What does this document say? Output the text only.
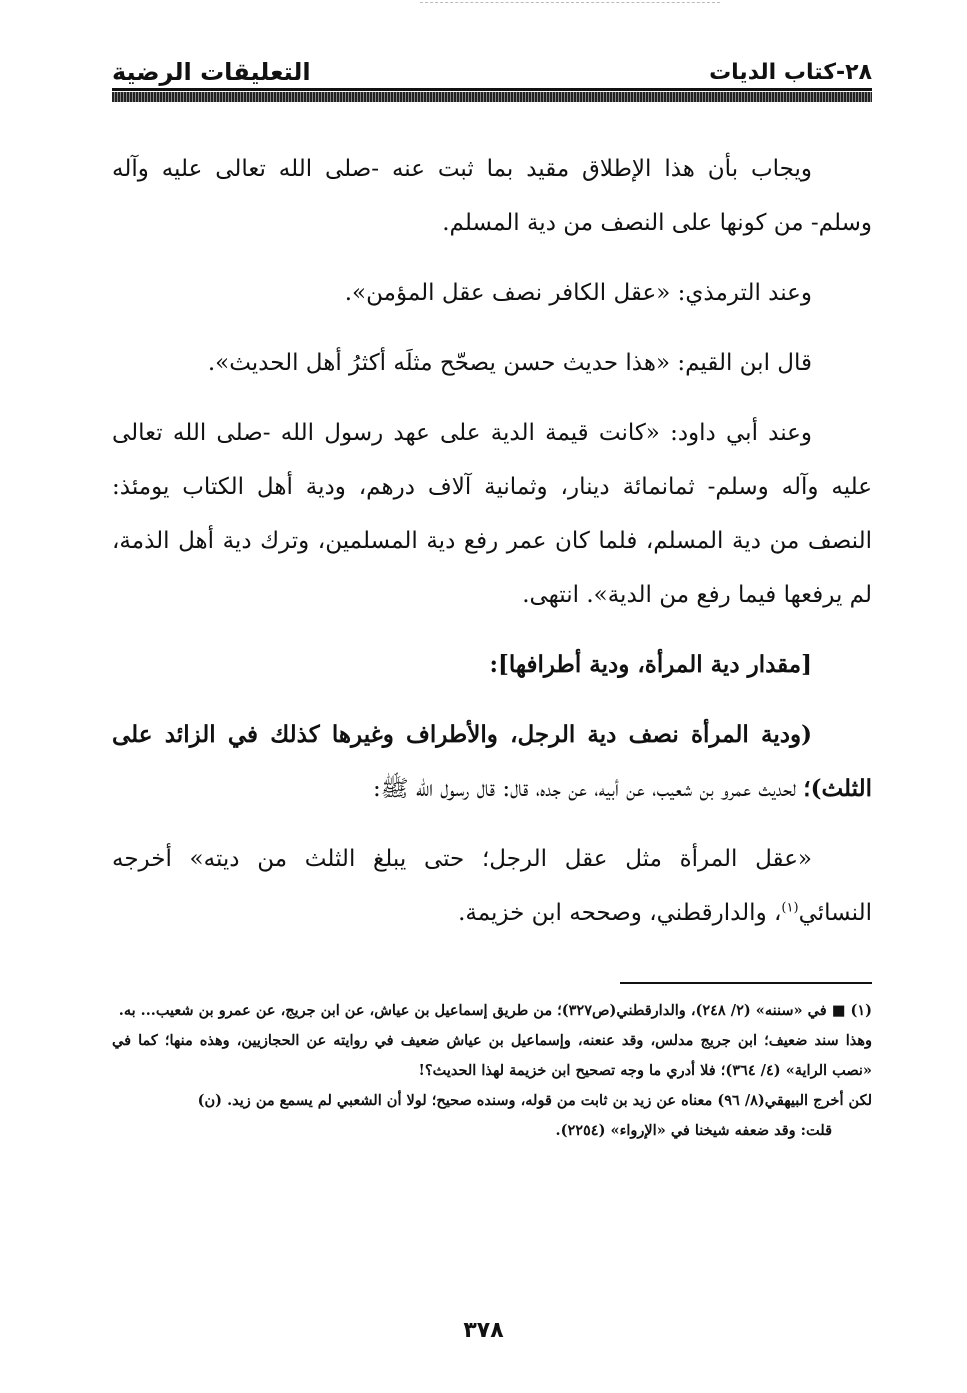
٢٨-كتاب الديات
التعليقات الرضية

ويجاب بأن هذا الإطلاق مقيد بما ثبت عنه -صلى الله تعالى عليه وآله وسلم- من كونها على النصف من دية المسلم.

وعند الترمذي: «عقل الكافر نصف عقل المؤمن».

قال ابن القيم: «هذا حديث حسن يصحّح مثلَه أكثرُ أهل الحديث».

وعند أبي داود: «كانت قيمة الدية على عهد رسول الله -صلى الله تعالى عليه وآله وسلم- ثمانمائة دينار، وثمانية آلاف درهم، ودية أهل الكتاب يومئذ: النصف من دية المسلم، فلما كان عمر رفع دية المسلمين، وترك دية أهل الذمة، لم يرفعها فيما رفع من الدية». انتهى.

[مقدار دية المرأة، ودية أطرافها]:

(ودية المرأة نصف دية الرجل، والأطراف وغيرها كذلك في الزائد على الثلث)؛ لحديث عمرو بن شعيب، عن أبيه، عن جده، قال: قال رسول الله ﷺ:

«عقل المرأة مثل عقل الرجل؛ حتى يبلغ الثلث من ديته» أخرجه النسائي$^{(١)}$، والدارقطني، وصححه ابن خزيمة.

(١) ■ في «سننه» (٢/ ٢٤٨)، والدارقطني(ص٣٢٧)؛ من طريق إسماعيل بن عياش، عن ابن جريج، عن عمرو بن شعيب... به.

وهذا سند ضعيف؛ ابن جريج مدلس، وقد عنعنه، وإسماعيل بن عياش ضعيف في روايته عن الحجازيين، وهذه منها؛ كما في «نصب الراية» (٤/ ٣٦٤)؛ فلا أدري ما وجه تصحيح ابن خزيمة لهذا الحديث؟!

لكن أخرج البيهقي(٨/ ٩٦) معناه عن زيد بن ثابت من قوله، وسنده صحيح؛ لولا أن الشعبي لم يسمع من زيد. (ن)

قلت: وقد ضعفه شيخنا في «الإرواء» (٢٢٥٤).

٣٧٨
